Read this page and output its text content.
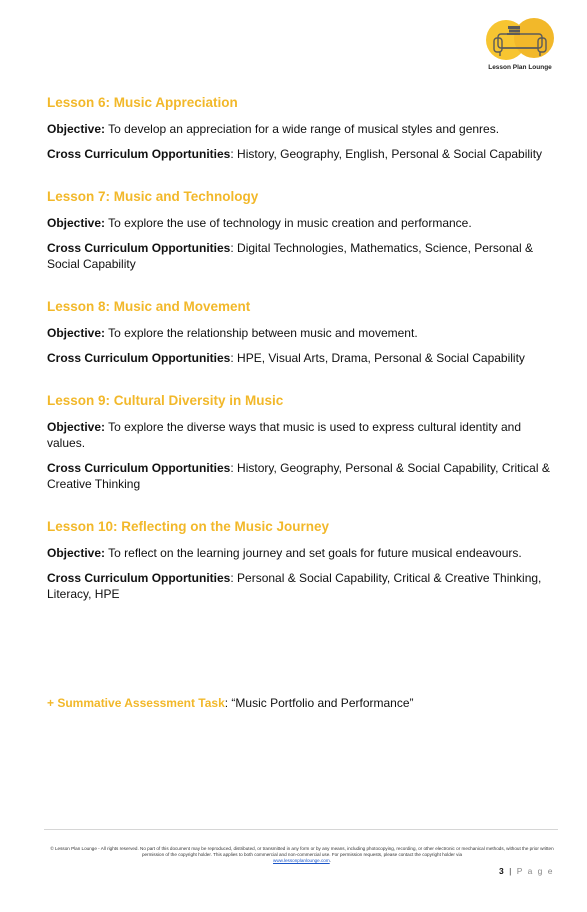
Lesson Plan Lounge
Lesson 6: Music Appreciation

Objective: To develop an appreciation for a wide range of musical styles and genres.

Cross Curriculum Opportunities: History, Geography, English, Personal & Social Capability

Lesson 7: Music and Technology

Objective: To explore the use of technology in music creation and performance.

Cross Curriculum Opportunities: Digital Technologies, Mathematics, Science, Personal & Social Capability

Lesson 8: Music and Movement

Objective: To explore the relationship between music and movement.

Cross Curriculum Opportunities: HPE, Visual Arts, Drama, Personal & Social Capability

Lesson 9: Cultural Diversity in Music

Objective: To explore the diverse ways that music is used to express cultural identity and values.

Cross Curriculum Opportunities: History, Geography, Personal & Social Capability, Critical & Creative Thinking

Lesson 10: Reflecting on the Music Journey

Objective: To reflect on the learning journey and set goals for future musical endeavours.

Cross Curriculum Opportunities: Personal & Social Capability, Critical & Creative Thinking, Literacy, HPE

+ Summative Assessment Task: “Music Portfolio and Performance”
© Lesson Plan Lounge - All rights reserved. No part of this document may be reproduced, distributed, or transmitted in any form or by any means, including photocopying, recording, or other electronic or mechanical methods, without the prior written permission of the copyright holder. This applies to both commercial and non-commercial use. For permission requests, please contact the copyright holder via
www.lessonplanlounge.com.
3 | P a g e
